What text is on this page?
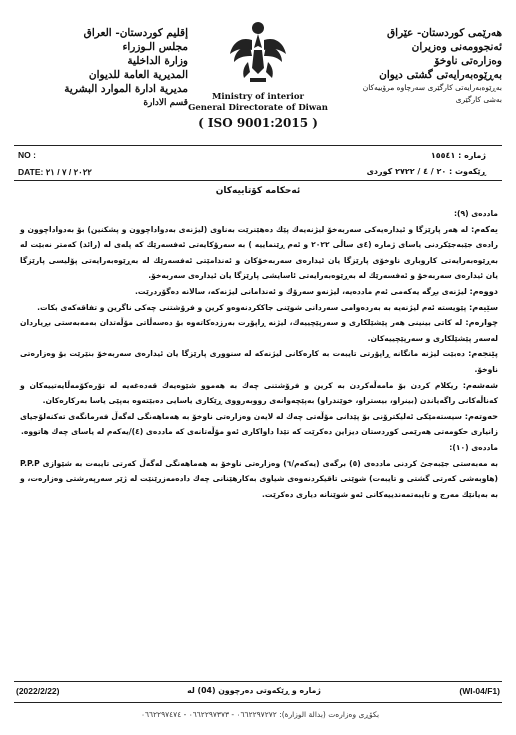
هەرێمی کوردستان- عێراق
ئەنجوومەنی وەزیران
وەزارەتی ناوخۆ
بەڕێوەبەرایەتی گشتی دیوان
بەڕێوەبەرایەتی کارگێری سەرچاوە مرۆییەکان
بەشی کارگێری
Ministry of interior
General Directorate of Diwan
( ISO 9001:2015 )
إقليم كوردستان- العراق
مجلس الـوزراء
وزارة الداخلية
المديرية العامة للديوان
مديرية ادارة الموارد البشرية
قسم الادارة
NO :
DATE: ٢٠٢٢ / ٧ / ٢١
ژمارە : ١٥٥٤١
ڕێکەوت : ٢٠ / ٤ / ٢٧٢٢ کوردی
ئەحکامە کۆتاییەکان

ماددەی (٩):

یەکەم: لە هەر پارێزگا و ئیدارەیەکی سەربەخۆ لیژنەیەك پێك دەهێنرێت بەناوی (لیژنەی بەدواداچوون و پشکنین) بۆ بەدواداچوون و رادەی جێبەجێکردنی یاسای ژمارە (٤ی ساڵی ٢٠٢٢ و ئەم ڕێنماییە ) بە سەرۆکایەتی ئەفسەرێك کە پلەی لە (رائد) کەمتر نەبێت لە بەڕێوەبەرایەتی کاروباری ناوخۆی پارێزگا یان ئیدارەی سەربەخۆکان و ئەندامێتی ئەفسەرێك لە بەڕێوەبەرایەتی پۆلیسی پارێزگا یان ئیدارەی سەربەخۆ و ئەفسەرێك لە بەڕێوەبەرایەتی ئاسایشی پارێزگا یان ئیدارەی سەربەخۆ.

دووەم: لیژنەی بڕگە یەکەمی ئەم ماددەیە، لیژنەو سەرۆك و ئەندامانی لیژنەکە، سالانە دەگۆردرێت.

سێیەم: پێویستە ئەم لیژنەیە بە بەردەوامی سەردانی شوێنی جاککردنەوەو کرین و فرۆشتنی چەکی ناگرین و تفاقەکەی بکات.

چوارەم: لە کاتی بینینی هەر پێشێلکاری و سەرپێچییەك، لیژنە ڕاپۆرت بەرزدەکاتەوە بۆ دەسەڵاتی مۆڵەتدان بەمەبەستی بڕیاردان لەسەر پێشێلکاری و سەرپێچییەکان.

پێنجەم: دەبێت لیژنە مانگانە ڕاپۆرتی تایبەت بە کارەکانی لیژنەکە لە سنووری پارێزگا یان ئیدارەی سەربەخۆ بنێرێت بۆ وەزارەتی ناوخۆ.

شەشەم: ریکلام کردن بۆ مامەڵەکردن بە کرین و فرۆشتنی چەك بە هەموو شێوەیەك قەدەغەیە لە تۆرەکۆمەڵایەتییەکان و کەناڵەکانی راگەیاندن (بینراو، بیستراو، خوێندراو) بەپێچەوانەی رووبەرووی ڕێکاری یاسایی دەبێتەوە بەپێی یاسا بەرکارەکان.

حەوتەم: سیستەمێکی ئەلیکترۆنی بۆ پێدانی مۆڵەتی چەك لە لایەن وەزارەتی ناوخۆ بە هەماهەنگی لەگەڵ فەرمانگەی تەکنەلۆجیای زانیاری حکومەتی هەرێمی کوردستان دیزاین دەکرێت کە تێدا داواکاری ئەو مۆڵەتانەی کە ماددەی (٤)/یەکەم لە یاسای چەك هاتووە.

ماددەی (١٠):

بە مەبەستی جێبەجێ کردنی ماددەی (٥) برگەی (یەکەم/٦) وەزارەتی ناوخۆ بە هەماهەنگی لەگەڵ کەرتی تایبەت بە شێوازی P.P.P (هاوبەشی کەرتی گشتی و تایبەت) شوێنی تاقیکردنەوەی شیاوی بەکارهێنانی چەك دادەمەزرێنێت لە ژێر سەرپەرشتی وەزارەت، و بە بەیانێك مەرج و تایبەتمەندییەکانی ئەو شوێنانە دیاری دەکرێت.

(2022/2/22)	ژمارە و ڕێکەوتی دەرچوون (04) لە	(WI-04/F1)
بکۆڕی وەزارەت (بدالة الوزارة): ٠٦٦٢٢٩٧٢٧٢ - ٠٦٦٢٢٩٧٣٧٣ - ٠٦٦٢٢٩٧٤٧٤
